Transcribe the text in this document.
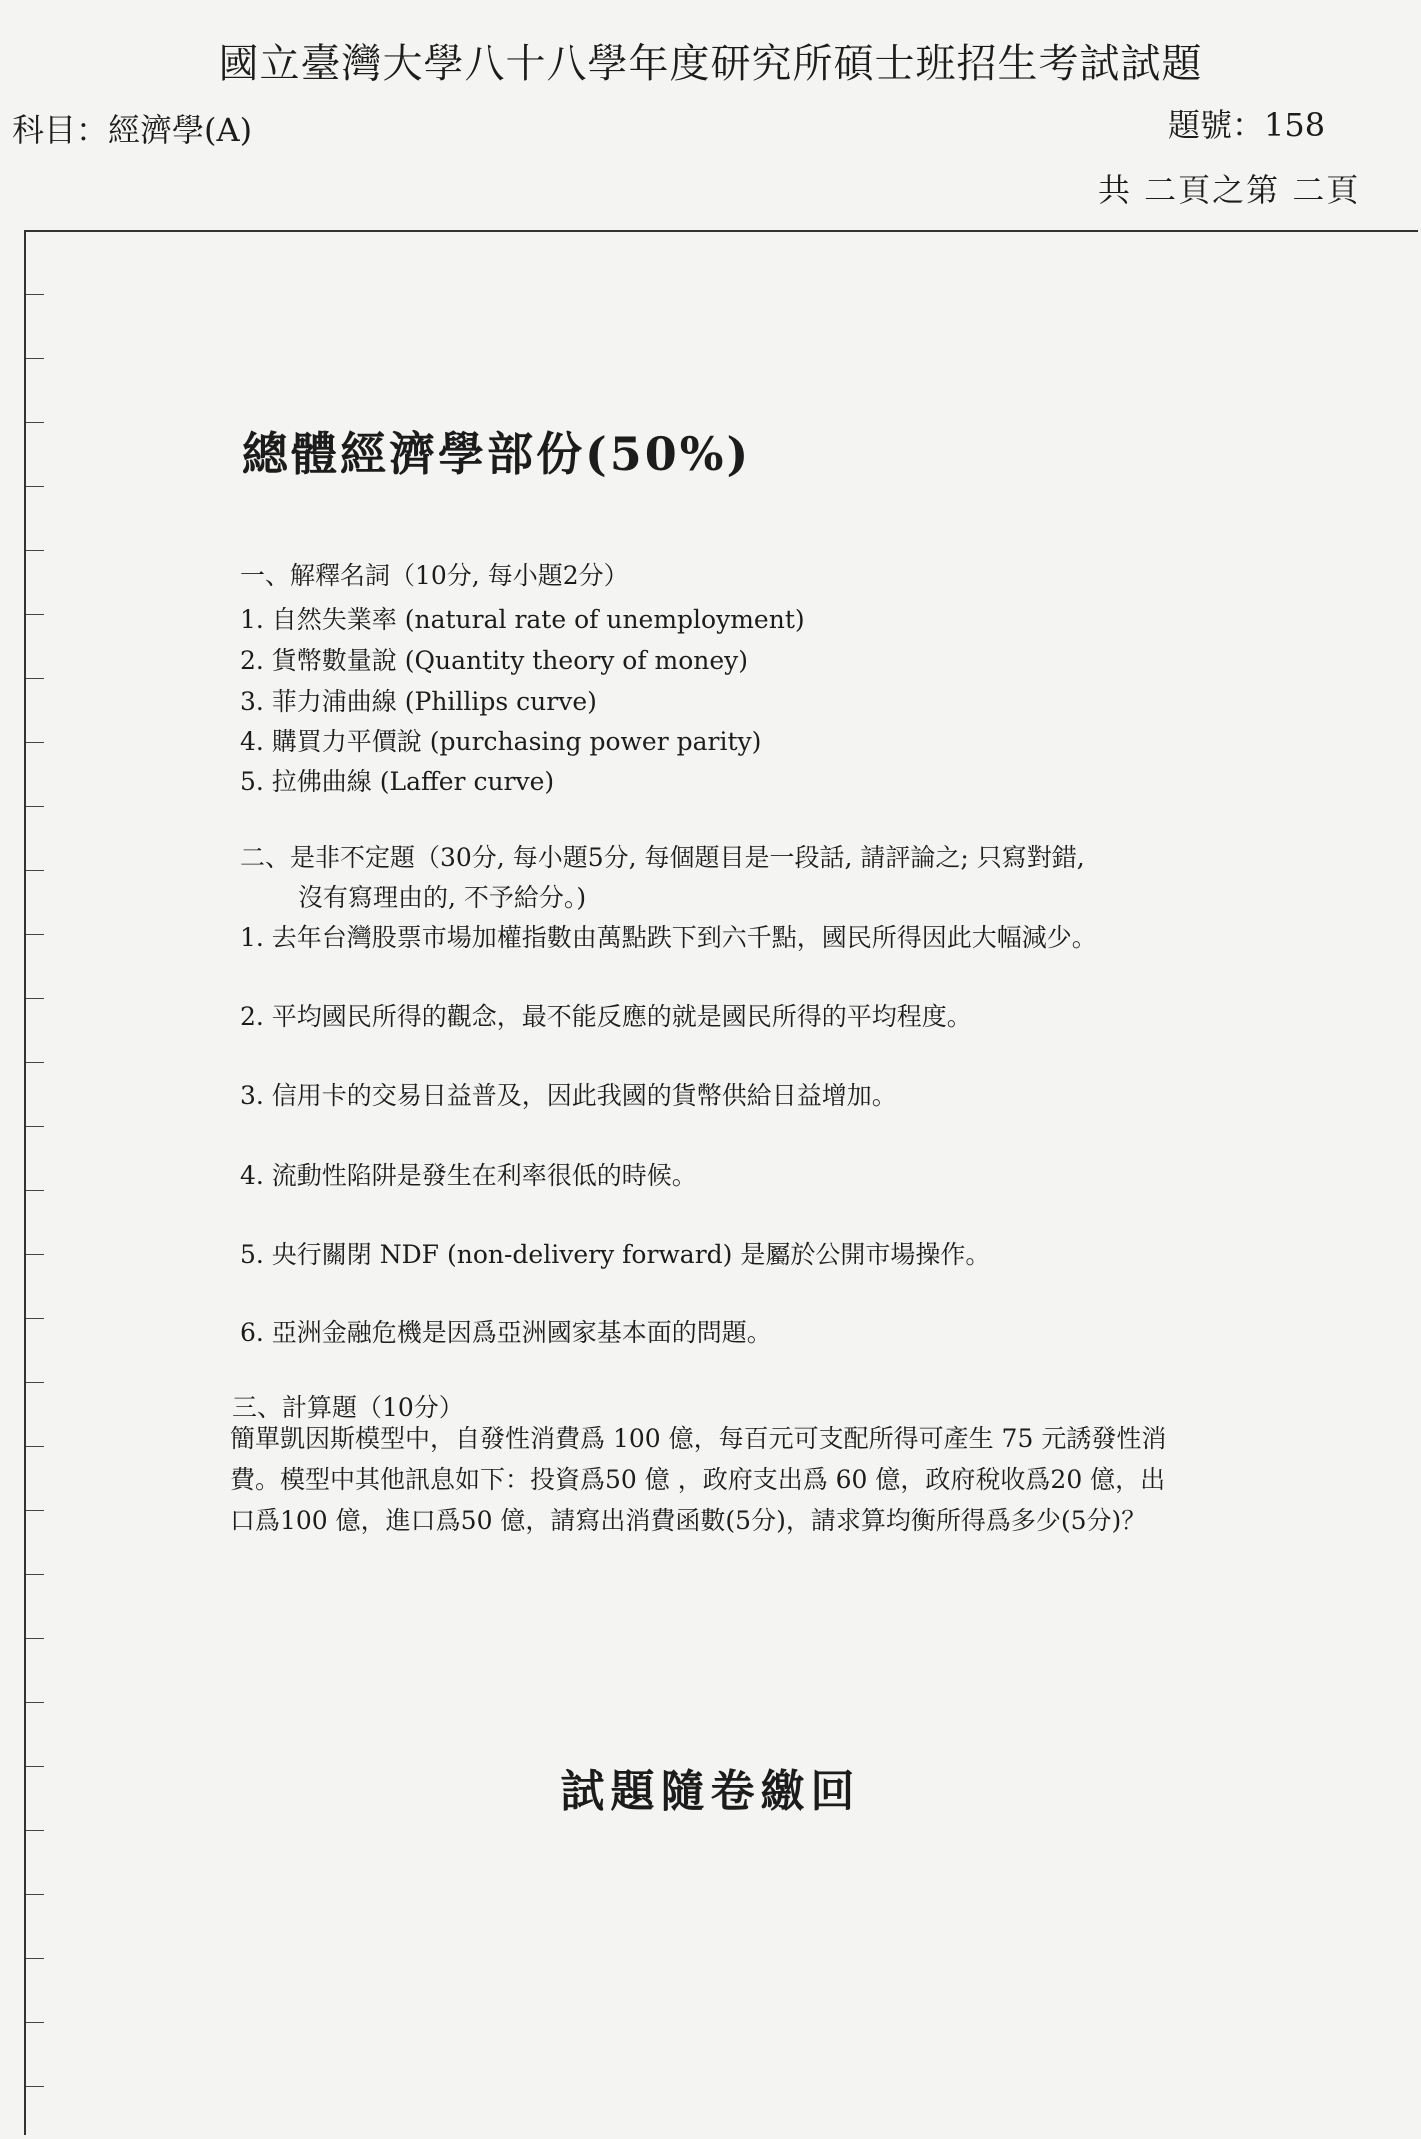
國立臺灣大學八十八學年度研究所碩士班招生考試試題
科目：經濟學(A)	題號：158
共 二頁之第 二頁
總體經濟學部份(50%)
一、解釋名詞（10分, 每小題2分）
1. 自然失業率 (natural rate of unemployment)
2. 貨幣數量說 (Quantity theory of money)
3. 菲力浦曲線 (Phillips curve)
4. 購買力平價說 (purchasing power parity)
5. 拉佛曲線 (Laffer curve)
二、是非不定題（30分, 每小題5分, 每個題目是一段話, 請評論之; 只寫對錯,
沒有寫理由的, 不予給分。)
1. 去年台灣股票市場加權指數由萬點跌下到六千點，國民所得因此大幅減少。
2. 平均國民所得的觀念，最不能反應的就是國民所得的平均程度。
3. 信用卡的交易日益普及，因此我國的貨幣供給日益增加。
4. 流動性陷阱是發生在利率很低的時候。
5. 央行關閉 NDF (non-delivery forward) 是屬於公開市場操作。
6. 亞洲金融危機是因爲亞洲國家基本面的問題。
三、計算題（10分）
簡單凱因斯模型中，自發性消費爲 100 億，每百元可支配所得可產生 75 元誘發性消費。模型中其他訊息如下：投資爲50 億 ，政府支出爲 60 億，政府稅收爲20 億，出口爲100 億，進口爲50 億，請寫出消費函數(5分)，請求算均衡所得爲多少(5分)？
試題隨卷繳回
